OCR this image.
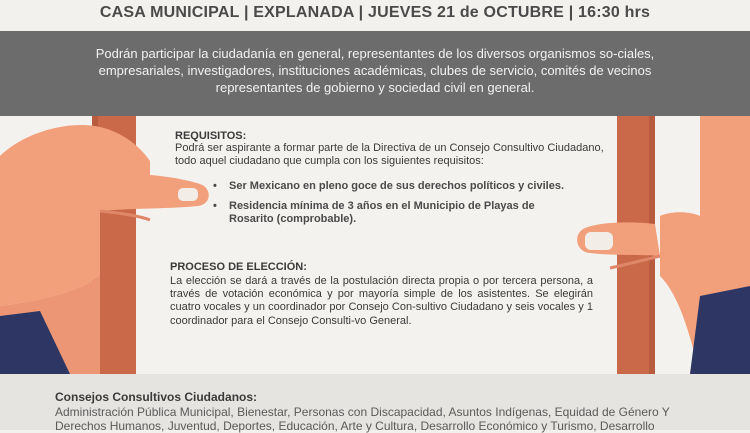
CASA MUNICIPAL | EXPLANADA | JUEVES 21 de OCTUBRE | 16:30 hrs
Podrán participar la ciudadanía en general, representantes de los diversos organismos so-ciales, empresariales, investigadores, instituciones académicas, clubes de servicio, comités de vecinos representantes de gobierno y sociedad civil en general.
REQUISITOS:
Podrá ser aspirante a formar parte de la Directiva de un Consejo Consultivo Ciudadano, todo aquel ciudadano que cumpla con los siguientes requisitos:
• Ser Mexicano en pleno goce de sus derechos políticos y civiles.
• Residencia mínima de 3 años en el Municipio de Playas de Rosarito (comprobable).
PROCESO DE ELECCIÓN:
La elección se dará a través de la postulación directa propia o por tercera persona, a través de votación económica y por mayoría simple de los asistentes. Se elegirán cuatro vocales y un coordinador por Consejo Con-sultivo Ciudadano y seis vocales y 1 coordinador para el Consejo Consulti-vo General.
Consejos Consultivos Ciudadanos:
Administración Pública Municipal, Bienestar, Personas con Discapacidad, Asuntos Indígenas, Equidad de Género Y Derechos Humanos, Juventud, Deportes, Educación, Arte y Cultura, Desarrollo Económico y Turismo, Desarrollo
